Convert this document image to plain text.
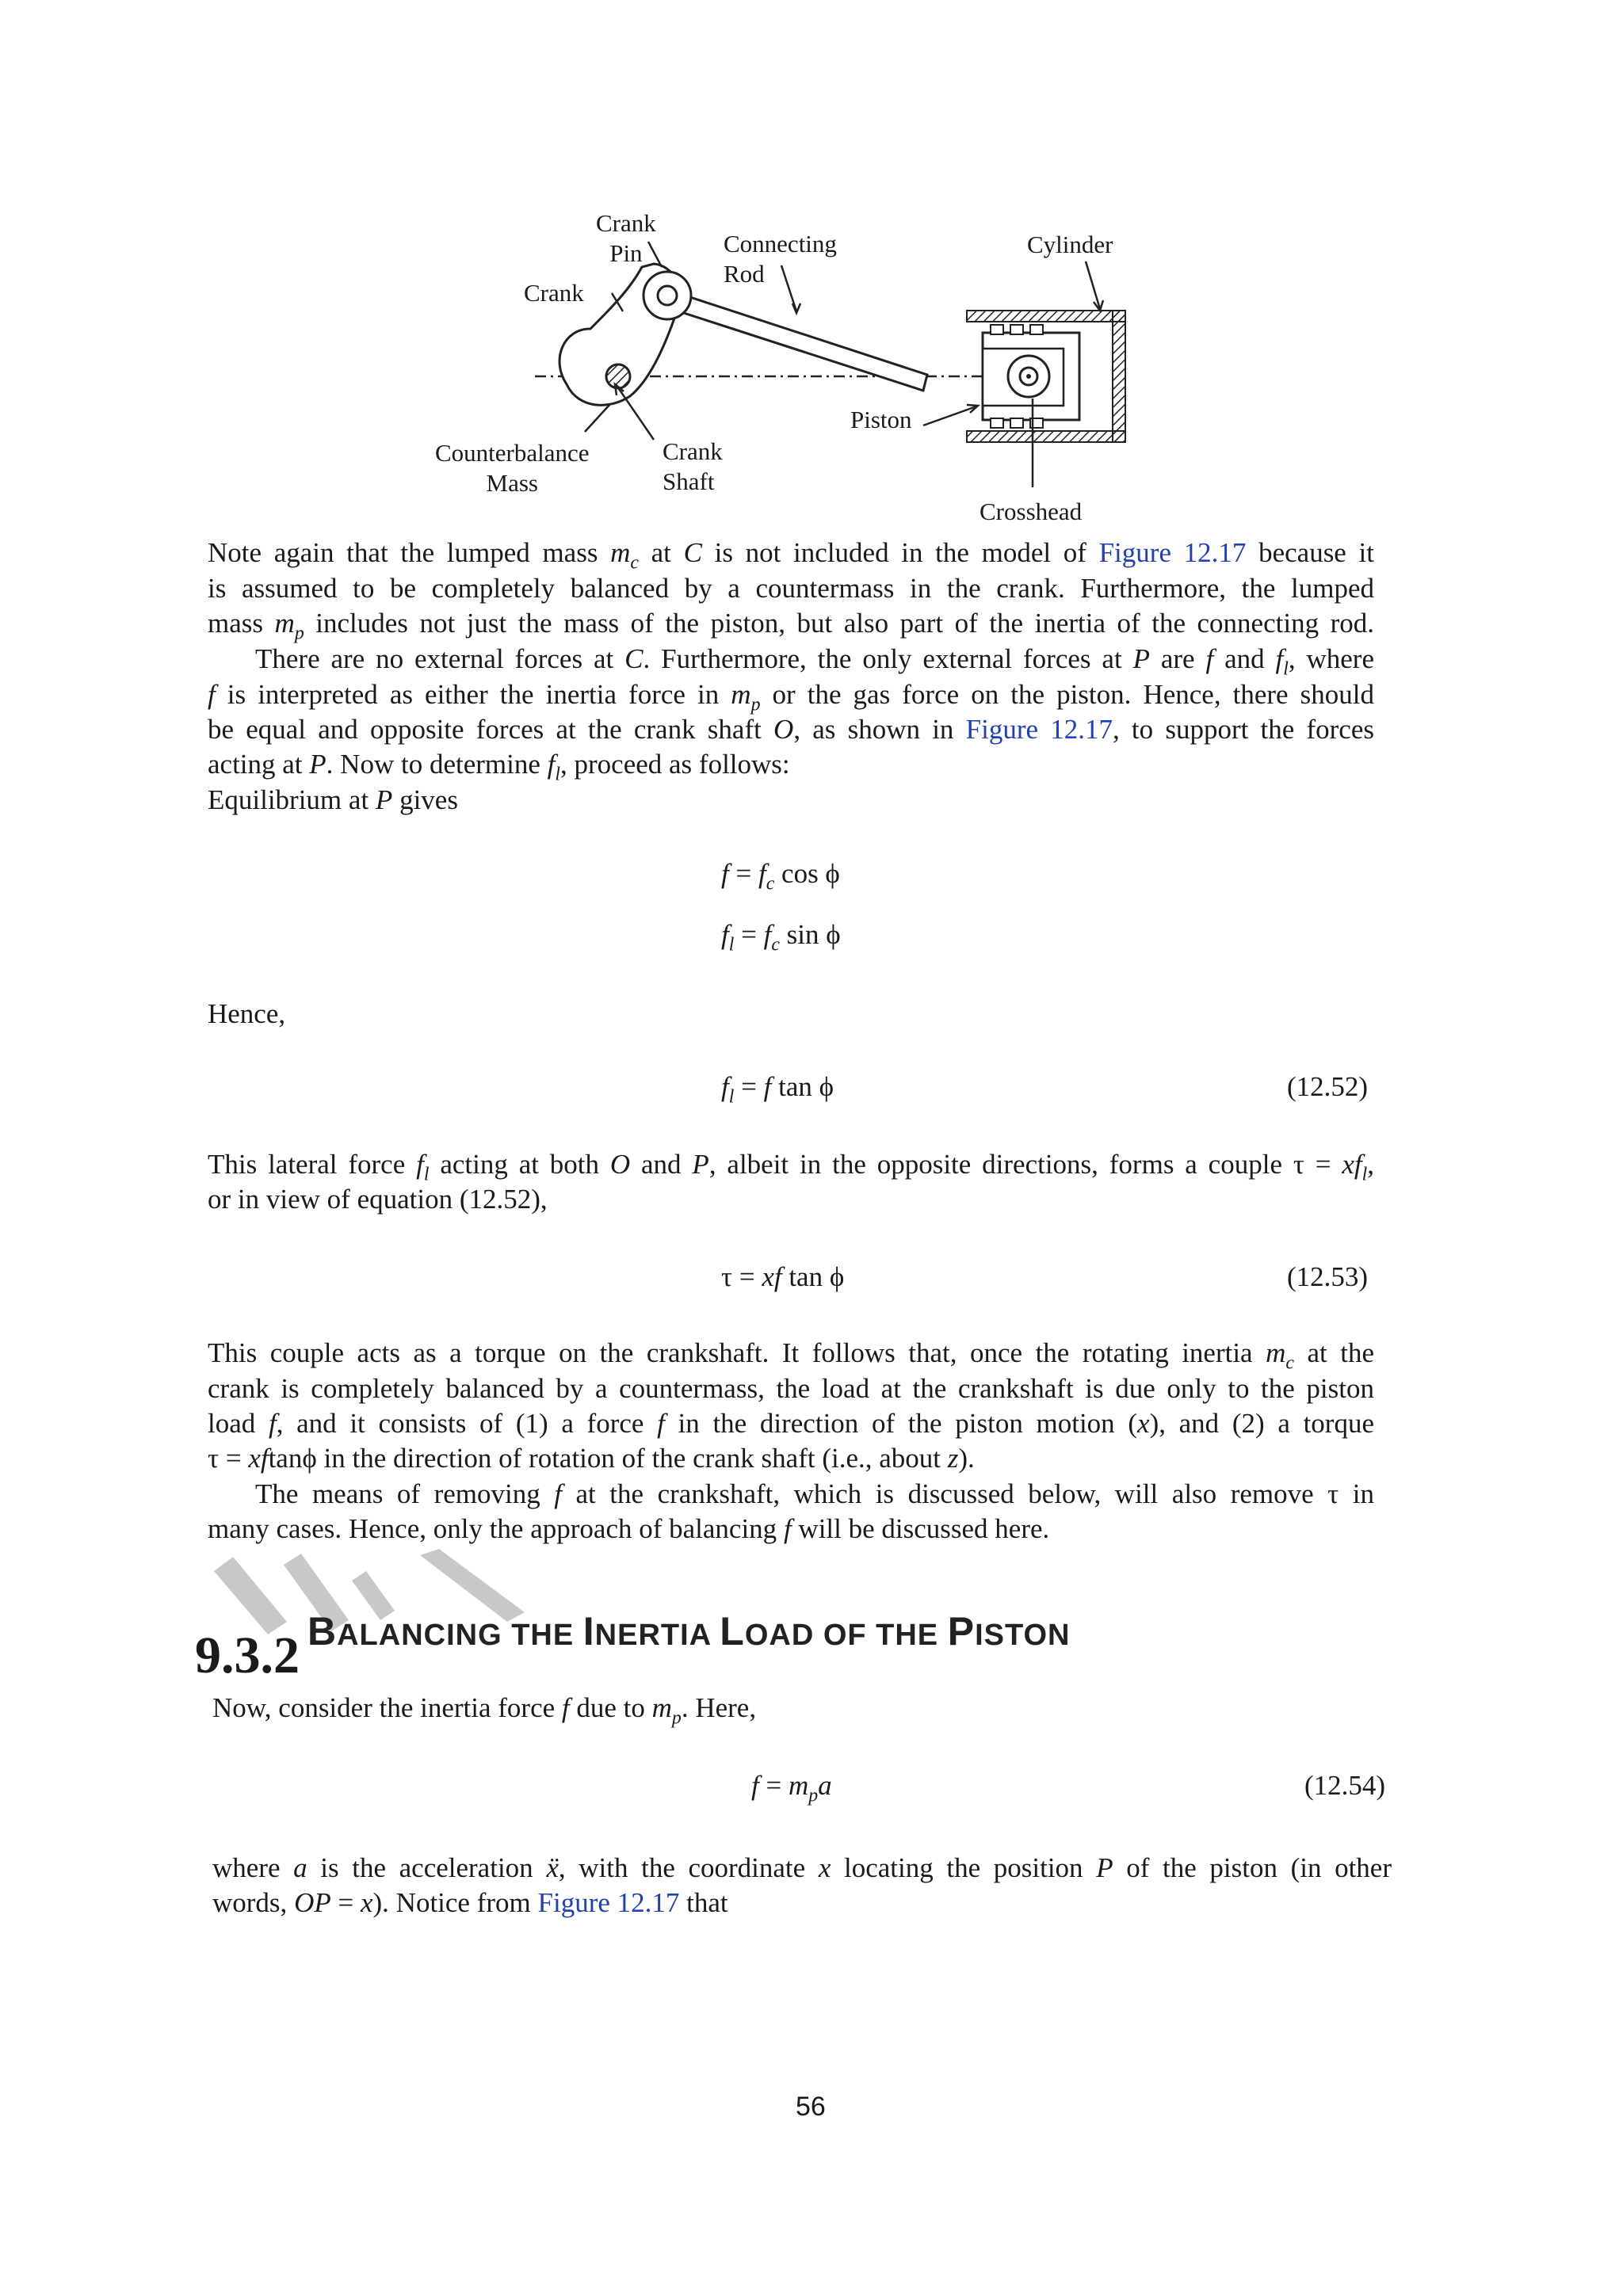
Crank
Pin	Connecting
Rod
Cylinder
Crank
Piston
Counterbalance
Mass
Crank
Shaft
Crosshead
Note again that the lumped mass $m_c$ at C is not included in the model of Figure 12.17 because it
is assumed to be completely balanced by a countermass in the crank. Furthermore, the lumped
mass $m_p$ includes not just the mass of the piston, but also part of the inertia of the connecting rod.
There are no external forces at C. Furthermore, the only external forces at P are f and $f_l$, where
f is interpreted as either the inertia force in $m_p$ or the gas force on the piston. Hence, there should
be equal and opposite forces at the crank shaft O, as shown in Figure 12.17, to support the forces
acting at P. Now to determine $f_l$, proceed as follows:
Equilibrium at P gives
$f = f_c$ cos ϕ
$f_l = f_c$ sin ϕ
Hence,
$f_l = f$ tan ϕ	(12.52)
This lateral force $f_l$ acting at both O and P, albeit in the opposite directions, forms a couple $\tau = xf_l$,
or in view of equation (12.52),
τ = xf tan ϕ	(12.53)
This couple acts as a torque on the crankshaft. It follows that, once the rotating inertia $m_c$ at the
crank is completely balanced by a countermass, the load at the crankshaft is due only to the piston
load f, and it consists of (1) a force f in the direction of the piston motion (x), and (2) a torque
τ = xftanϕ in the direction of rotation of the crank shaft (i.e., about z).
The means of removing f at the crankshaft, which is discussed below, will also remove τ in
many cases. Hence, only the approach of balancing f will be discussed here.
9.3.2 BALANCING THE INERTIA LOAD OF THE PISTON
Now, consider the inertia force f due to $m_p$. Here,
$f = m_pa$	(12.54)
where a is the acceleration ẍ, with the coordinate x locating the position P of the piston (in other
words, OP = x). Notice from Figure 12.17 that
56
